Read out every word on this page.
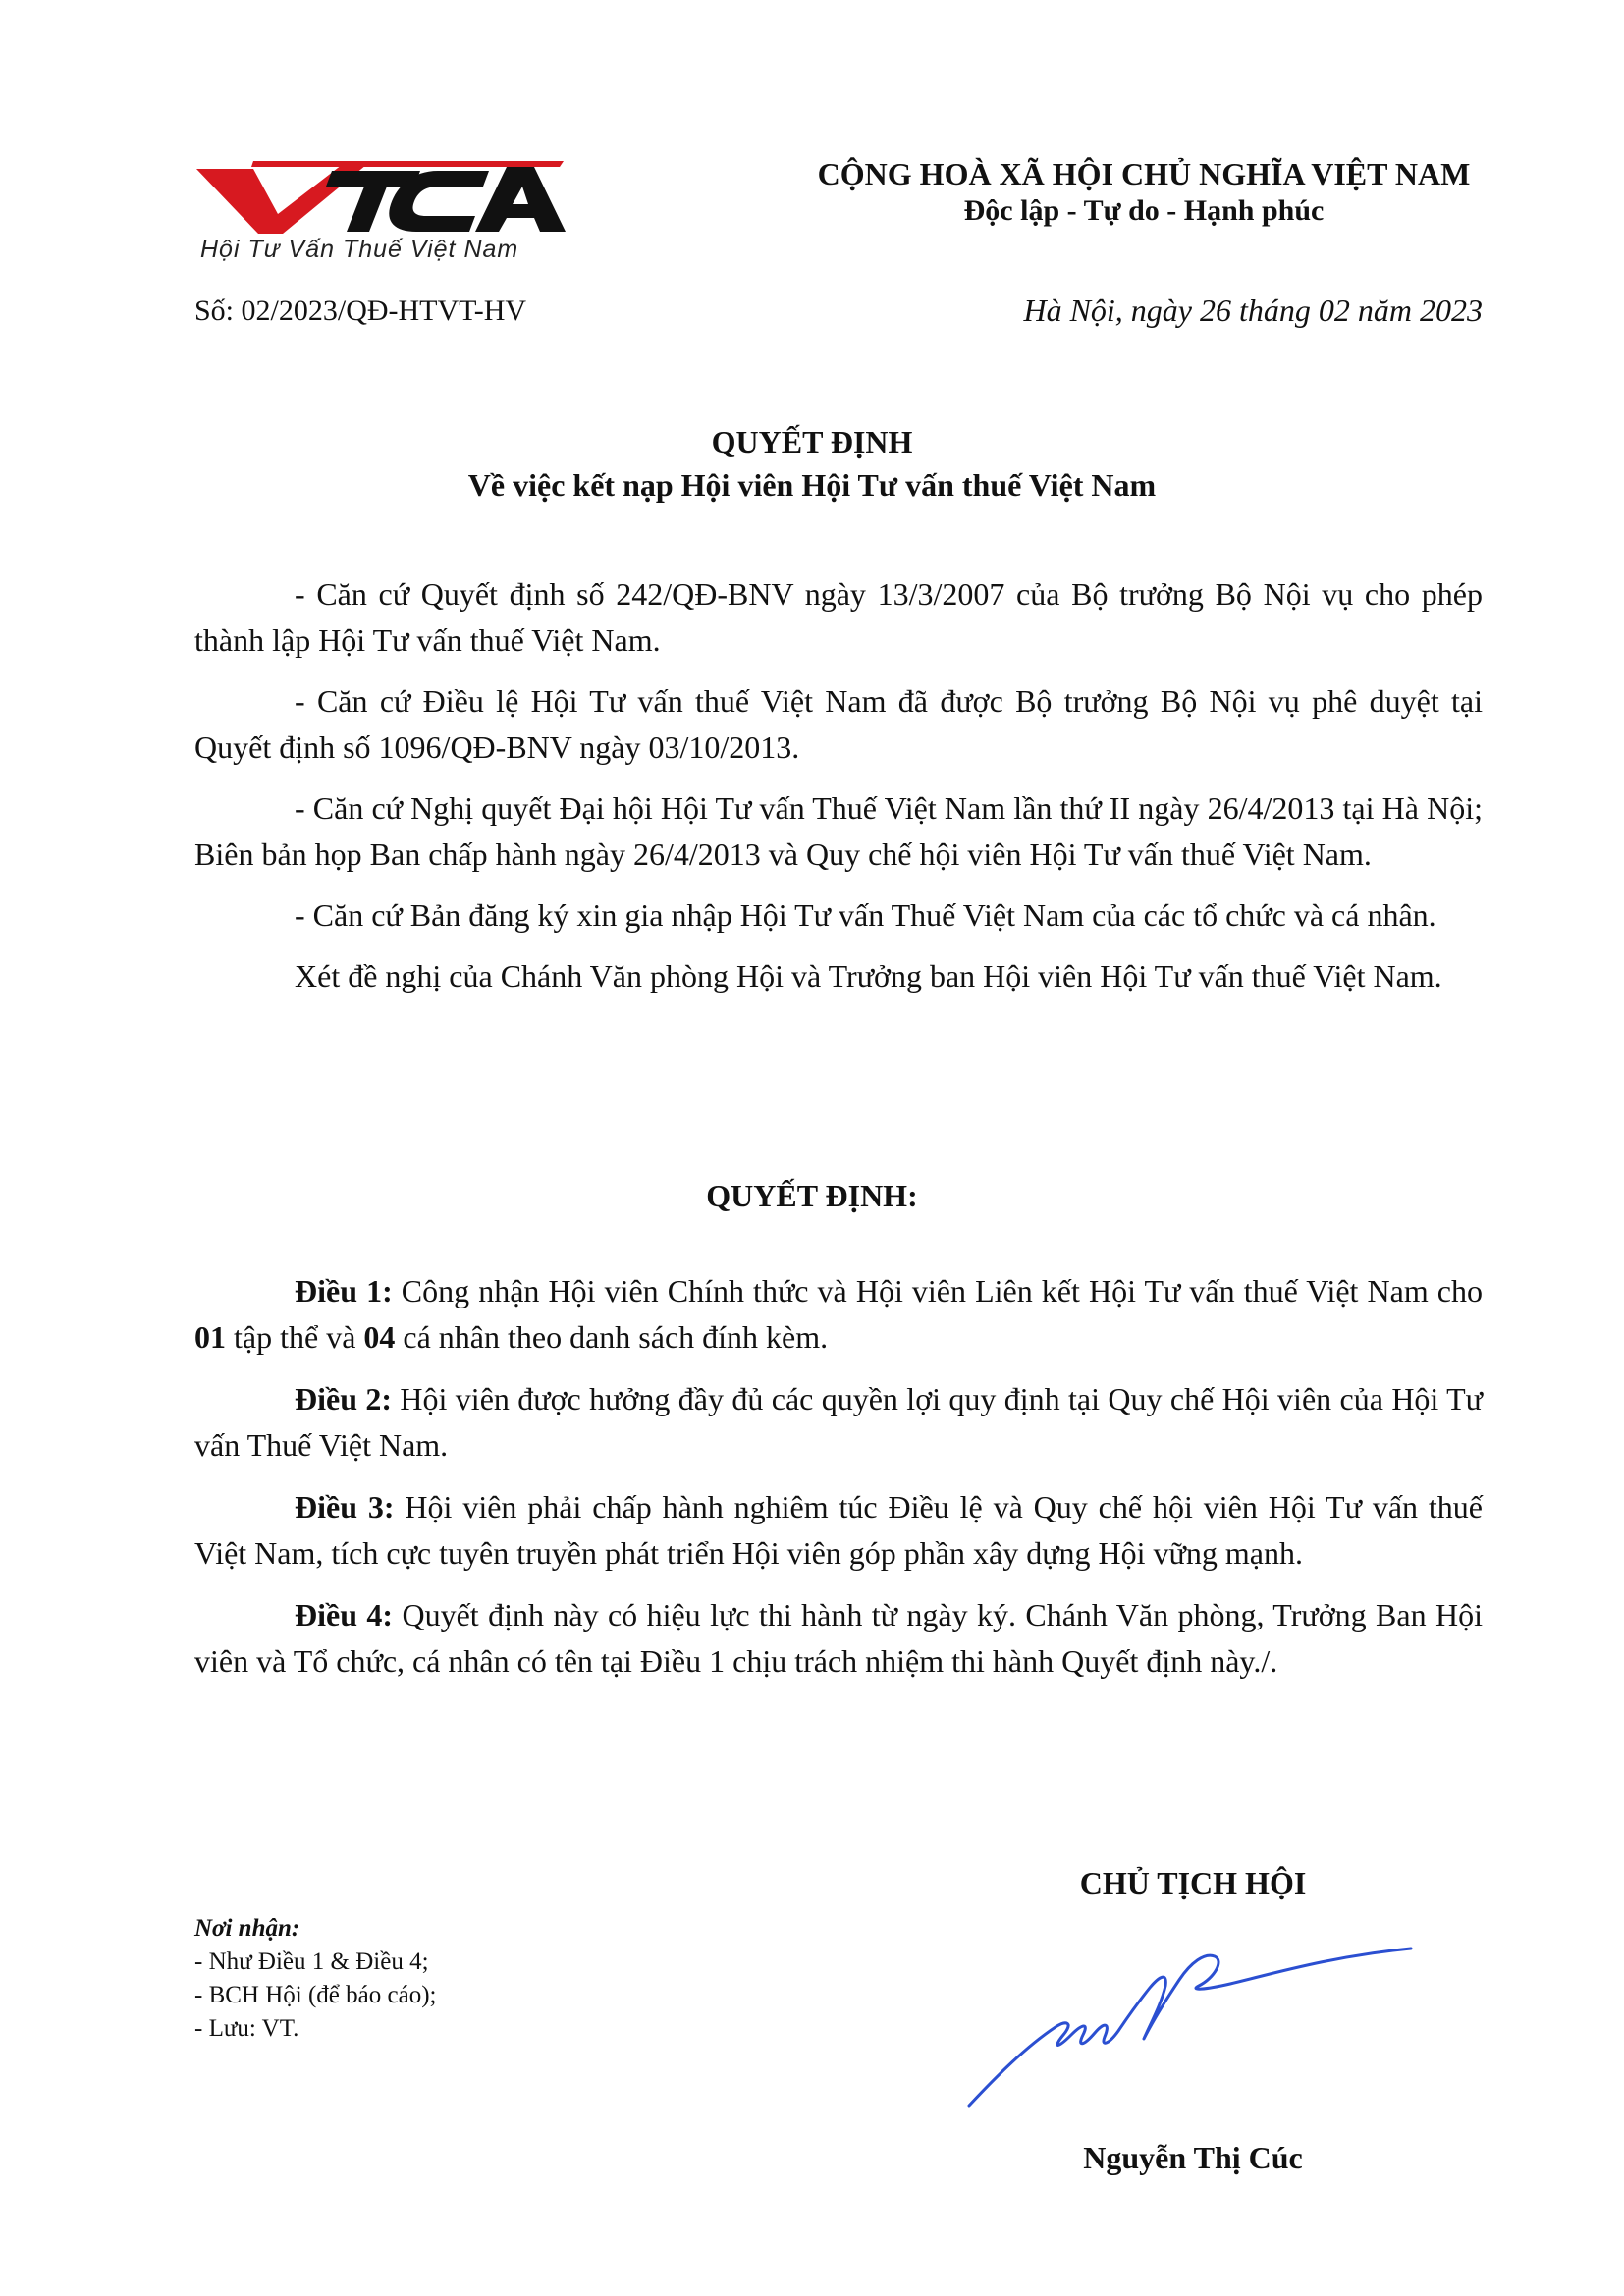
Hội Tư Vấn Thuế Việt Nam
CỘNG HOÀ XÃ HỘI CHỦ NGHĨA VIỆT NAM
Độc lập - Tự do - Hạnh phúc
Số: 02/2023/QĐ-HTVT-HV	Hà Nội, ngày 26 tháng 02 năm 2023
QUYẾT ĐỊNH
Về việc kết nạp Hội viên Hội Tư vấn thuế Việt Nam

- Căn cứ Quyết định số 242/QĐ-BNV ngày 13/3/2007 của Bộ trưởng Bộ Nội vụ cho phép thành lập Hội Tư vấn thuế Việt Nam.

- Căn cứ Điều lệ Hội Tư vấn thuế Việt Nam đã được Bộ trưởng Bộ Nội vụ phê duyệt tại Quyết định số 1096/QĐ-BNV ngày 03/10/2013.

- Căn cứ Nghị quyết Đại hội Hội Tư vấn Thuế Việt Nam lần thứ II ngày 26/4/2013 tại Hà Nội; Biên bản họp Ban chấp hành ngày 26/4/2013 và Quy chế hội viên Hội Tư vấn thuế Việt Nam.

- Căn cứ Bản đăng ký xin gia nhập Hội Tư vấn Thuế Việt Nam của các tổ chức và cá nhân.

Xét đề nghị của Chánh Văn phòng Hội và Trưởng ban Hội viên Hội Tư vấn thuế Việt Nam.

QUYẾT ĐỊNH:

Điều 1: Công nhận Hội viên Chính thức và Hội viên Liên kết Hội Tư vấn thuế Việt Nam cho 01 tập thể và 04 cá nhân theo danh sách đính kèm.

Điều 2: Hội viên được hưởng đầy đủ các quyền lợi quy định tại Quy chế Hội viên của Hội Tư vấn Thuế Việt Nam.

Điều 3: Hội viên phải chấp hành nghiêm túc Điều lệ và Quy chế hội viên Hội Tư vấn thuế Việt Nam, tích cực tuyên truyền phát triển Hội viên góp phần xây dựng Hội vững mạnh.

Điều 4: Quyết định này có hiệu lực thi hành từ ngày ký. Chánh Văn phòng, Trưởng Ban Hội viên và Tổ chức, cá nhân có tên tại Điều 1 chịu trách nhiệm thi hành Quyết định này./.

Nơi nhận:
- Như Điều 1 & Điều 4;
- BCH Hội (để báo cáo);
- Lưu: VT.
CHỦ TỊCH HỘI
Nguyễn Thị Cúc
